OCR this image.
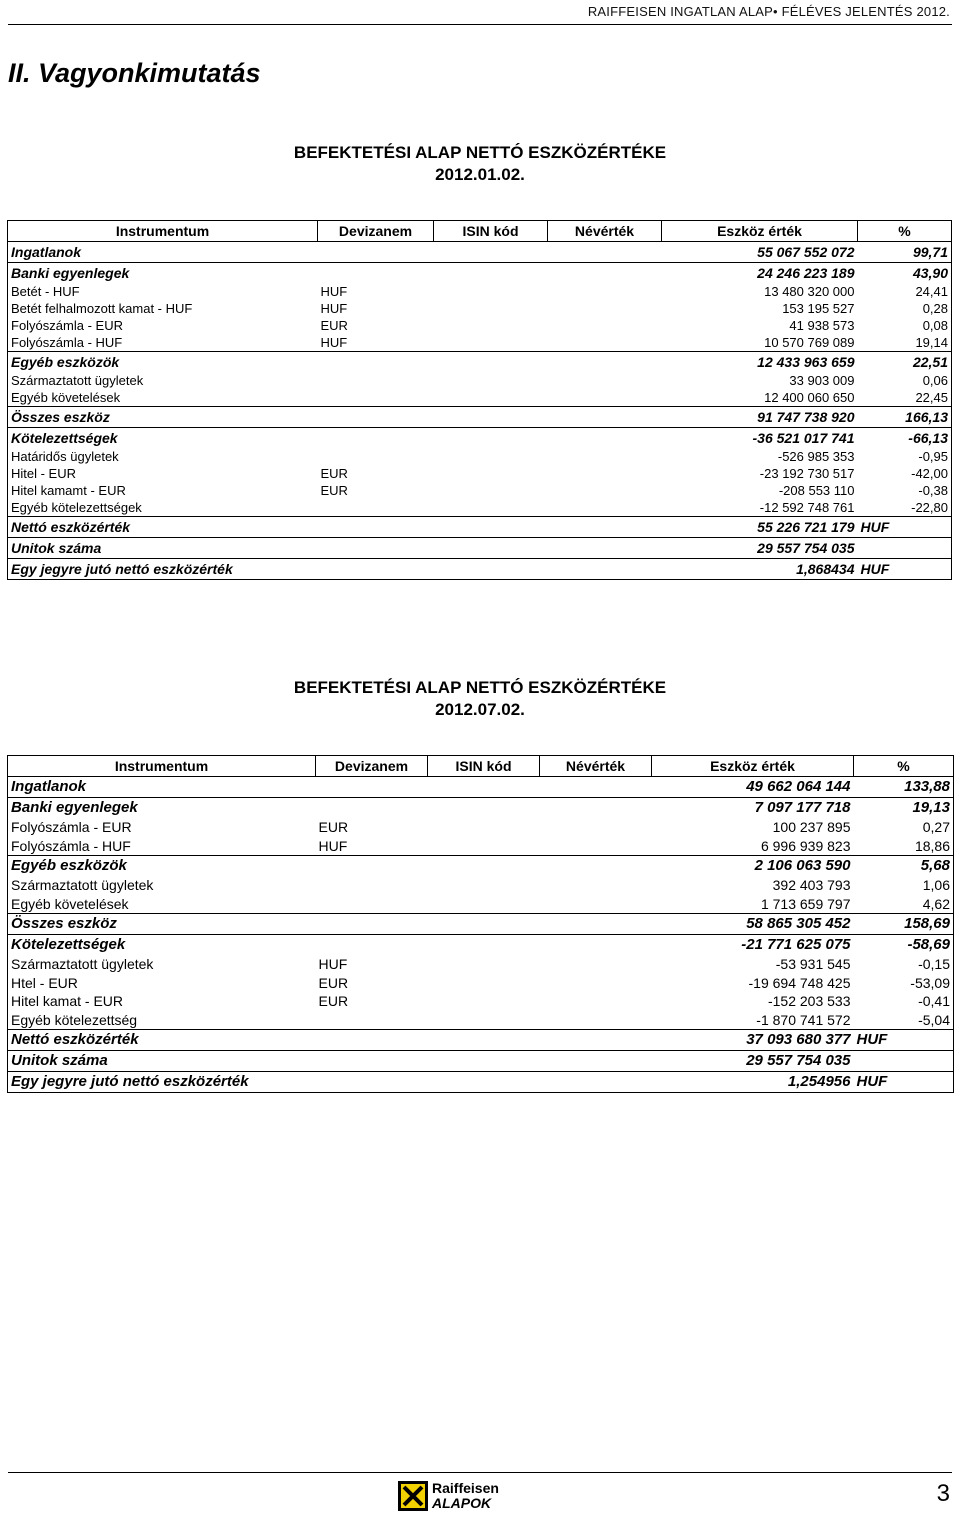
RAIFFEISEN INGATLAN ALAP• FÉLÉVES JELENTÉS 2012.
II. Vagyonkimutatás
BEFEKTETÉSI ALAP NETTÓ ESZKÖZÉRTÉKE
2012.01.02.
Instrumentum	Devizanem	ISIN kód	Névérték	Eszköz érték	%
Ingatlanok				55 067 552 072	99,71
Banki egyenlegek				24 246 223 189	43,90
Betét - HUF	HUF			13 480 320 000	24,41
Betét felhalmozott kamat - HUF	HUF			153 195 527	0,28
Folyószámla - EUR	EUR			41 938 573	0,08
Folyószámla - HUF	HUF			10 570 769 089	19,14
Egyéb eszközök				12 433 963 659	22,51
Származtatott ügyletek				33 903 009	0,06
Egyéb követelések				12 400 060 650	22,45
Összes eszköz				91 747 738 920	166,13
Kötelezettségek				-36 521 017 741	-66,13
Határidős ügyletek				-526 985 353	-0,95
Hitel - EUR	EUR			-23 192 730 517	-42,00
Hitel kamamt - EUR	EUR			-208 553 110	-0,38
Egyéb kötelezettségek				-12 592 748 761	-22,80
Nettó eszközérték				55 226 721 179	HUF
Unitok száma				29 557 754 035	
Egy jegyre jutó nettó eszközérték				1,868434	HUF
BEFEKTETÉSI ALAP NETTÓ ESZKÖZÉRTÉKE
2012.07.02.
Instrumentum	Devizanem	ISIN kód	Névérték	Eszköz érték	%
Ingatlanok				49 662 064 144	133,88
Banki egyenlegek				7 097 177 718	19,13
Folyószámla - EUR	EUR			100 237 895	0,27
Folyószámla - HUF	HUF			6 996 939 823	18,86
Egyéb eszközök				2 106 063 590	5,68
Származtatott ügyletek				392 403 793	1,06
Egyéb követelések				1 713 659 797	4,62
Összes eszköz				58 865 305 452	158,69
Kötelezettségek				-21 771 625 075	-58,69
Származtatott ügyletek	HUF			-53 931 545	-0,15
Htel - EUR	EUR			-19 694 748 425	-53,09
Hitel kamat - EUR	EUR			-152 203 533	-0,41
Egyéb kötelezettség				-1 870 741 572	-5,04
Nettó eszközérték				37 093 680 377	HUF
Unitok száma				29 557 754 035	
Egy jegyre jutó nettó eszközérték				1,254956	HUF
Raiffeisen
ALAPOK	3
